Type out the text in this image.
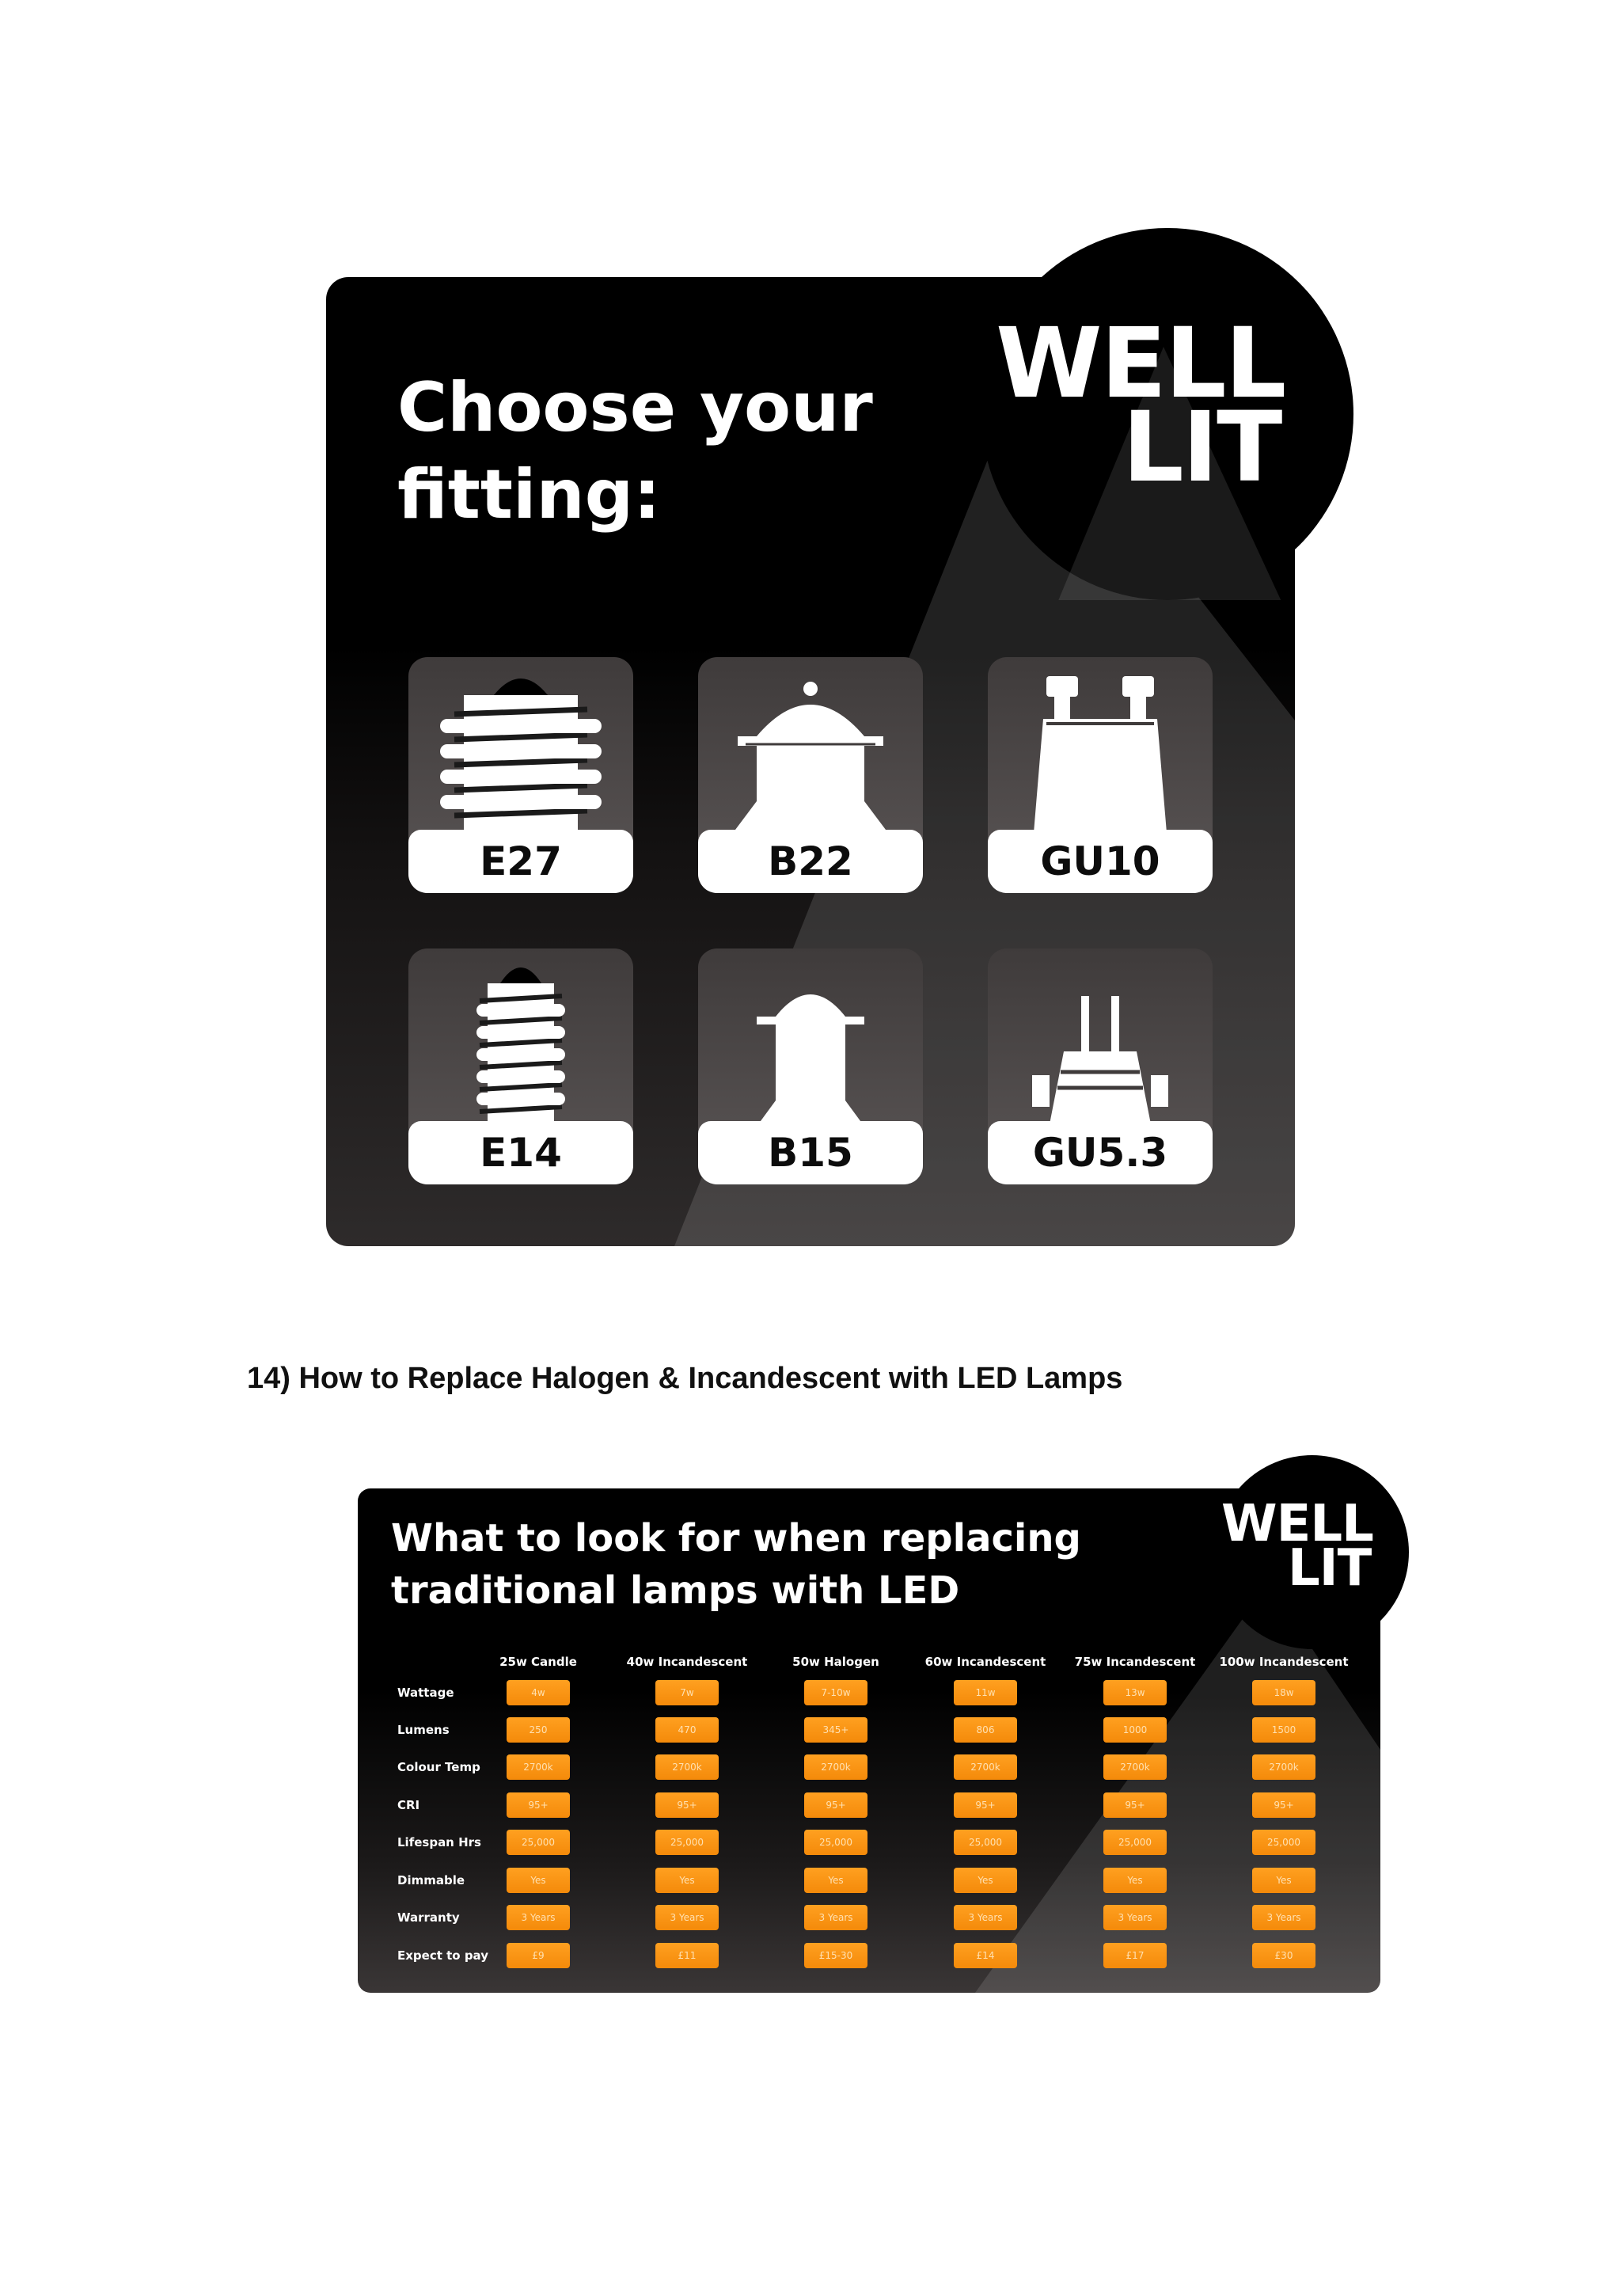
Choose your
fitting:
E27	B22	GU10
E14	B15	GU5.3
WELL
LIT
14) How to Replace Halogen & Incandescent with LED Lamps
What to look for when replacing
traditional lamps with LED
25w Candle	40w Incandescent	50w Halogen	60w Incandescent	75w Incandescent	100w Incandescent
Wattage	4w	7w	7-10w	11w	13w	18w
Lumens	250	470	345+	806	1000	1500
Colour Temp	2700k	2700k	2700k	2700k	2700k	2700k
CRI	95+	95+	95+	95+	95+	95+
Lifespan Hrs	25,000	25,000	25,000	25,000	25,000	25,000
Dimmable	Yes	Yes	Yes	Yes	Yes	Yes
Warranty	3 Years	3 Years	3 Years	3 Years	3 Years	3 Years
Expect to pay	£9	£11	£15-30	£14	£17	£30
WELL
LIT
